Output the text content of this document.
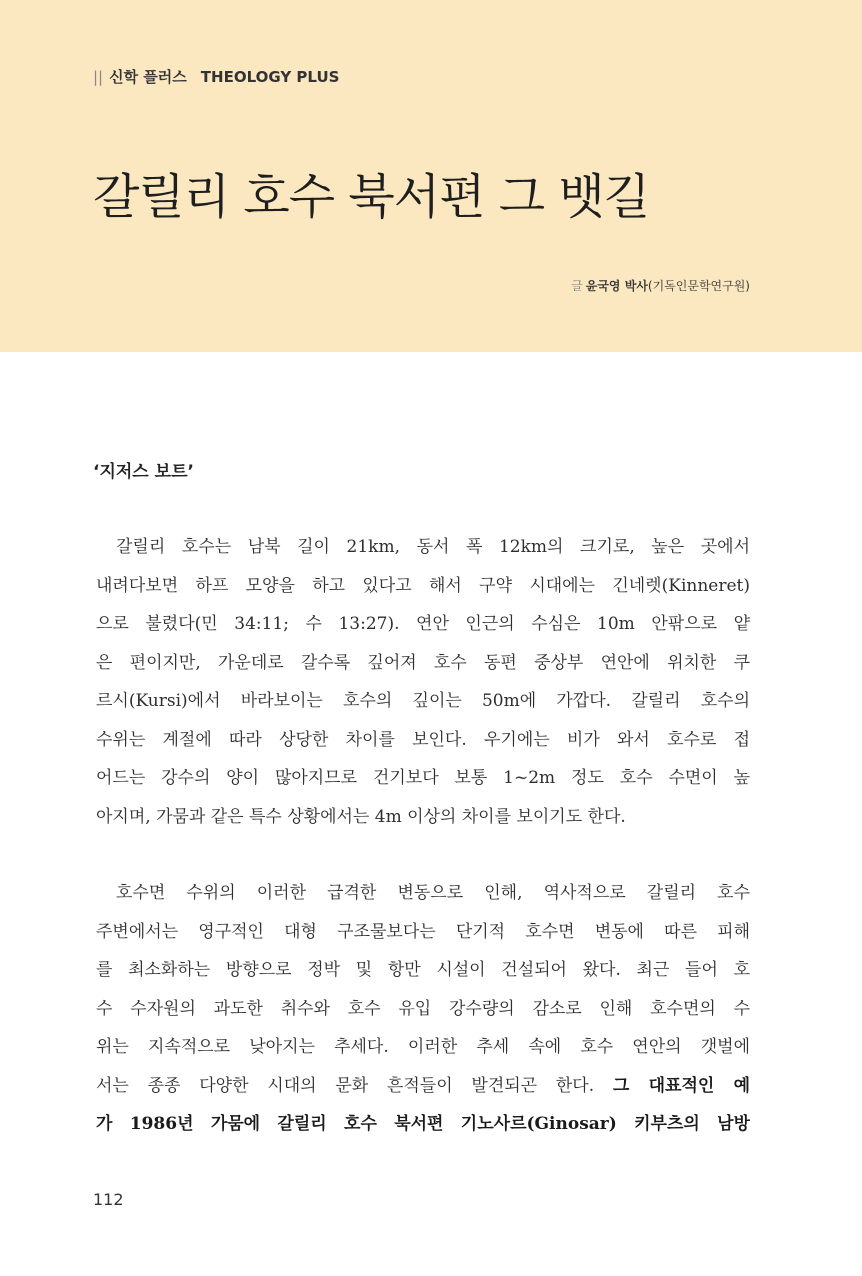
|| 신학 플러스 THEOLOGY PLUS
갈릴리 호수 북서편 그 뱃길
글 윤국영 박사(기독인문학연구원)
‘지저스 보트’
갈릴리 호수는 남북 길이 21km, 동서 폭 12km의 크기로, 높은 곳에서
내려다보면 하프 모양을 하고 있다고 해서 구약 시대에는 긴네렛(Kinneret)
으로 불렸다(민 34:11; 수 13:27). 연안 인근의 수심은 10m 안팎으로 얕
은 편이지만, 가운데로 갈수록 깊어져 호수 동편 중상부 연안에 위치한 쿠
르시(Kursi)에서 바라보이는 호수의 깊이는 50m에 가깝다. 갈릴리 호수의
수위는 계절에 따라 상당한 차이를 보인다. 우기에는 비가 와서 호수로 접
어드는 강수의 양이 많아지므로 건기보다 보통 1~2m 정도 호수 수면이 높
아지며, 가뭄과 같은 특수 상황에서는 4m 이상의 차이를 보이기도 한다.
호수면 수위의 이러한 급격한 변동으로 인해, 역사적으로 갈릴리 호수
주변에서는 영구적인 대형 구조물보다는 단기적 호수면 변동에 따른 피해
를 최소화하는 방향으로 정박 및 항만 시설이 건설되어 왔다. 최근 들어 호
수 수자원의 과도한 취수와 호수 유입 강수량의 감소로 인해 호수면의 수
위는 지속적으로 낮아지는 추세다. 이러한 추세 속에 호수 연안의 갯벌에
서는 종종 다양한 시대의 문화 흔적들이 발견되곤 한다. 그 대표적인 예
가 1986년 가뭄에 갈릴리 호수 북서편 기노사르(Ginosar) 키부츠의 남방
112
